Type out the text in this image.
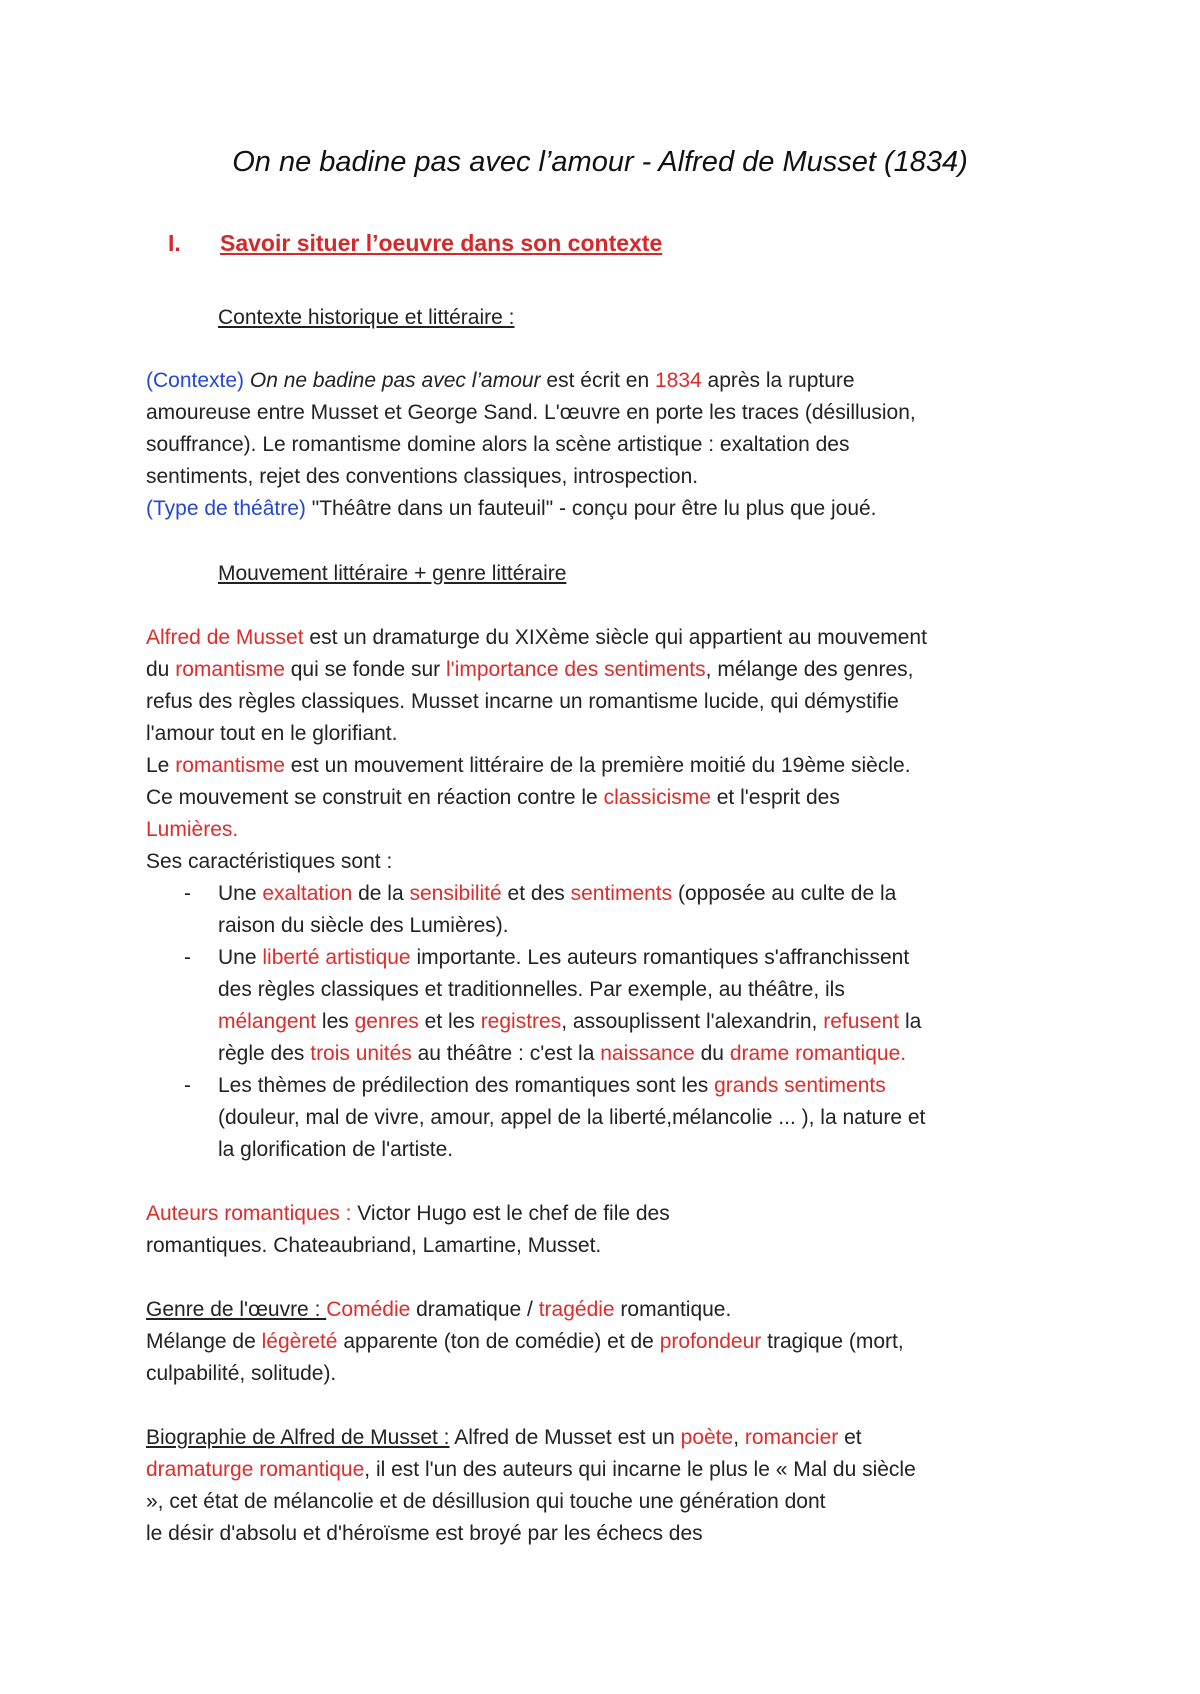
On ne badine pas avec l’amour - Alfred de Musset (1834)
I. Savoir situer l’oeuvre dans son contexte
Contexte historique et littéraire :
(Contexte) On ne badine pas avec l’amour est écrit en 1834 après la rupture
amoureuse entre Musset et George Sand. L'œuvre en porte les traces (désillusion,
souffrance). Le romantisme domine alors la scène artistique : exaltation des
sentiments, rejet des conventions classiques, introspection.
(Type de théâtre) "Théâtre dans un fauteuil" - conçu pour être lu plus que joué.
Mouvement littéraire + genre littéraire
Alfred de Musset est un dramaturge du XIXème siècle qui appartient au mouvement
du romantisme qui se fonde sur l'importance des sentiments, mélange des genres,
refus des règles classiques. Musset incarne un romantisme lucide, qui démystifie
l'amour tout en le glorifiant.
Le romantisme est un mouvement littéraire de la première moitié du 19ème siècle.
Ce mouvement se construit en réaction contre le classicisme et l'esprit des
Lumières.
Ses caractéristiques sont :
- Une exaltation de la sensibilité et des sentiments (opposée au culte de la
raison du siècle des Lumières).
- Une liberté artistique importante. Les auteurs romantiques s'affranchissent
des règles classiques et traditionnelles. Par exemple, au théâtre, ils
mélangent les genres et les registres, assouplissent l'alexandrin, refusent la
règle des trois unités au théâtre : c'est la naissance du drame romantique.
- Les thèmes de prédilection des romantiques sont les grands sentiments
(douleur, mal de vivre, amour, appel de la liberté,mélancolie ... ), la nature et
la glorification de l'artiste.
Auteurs romantiques : Victor Hugo est le chef de file des
romantiques. Chateaubriand, Lamartine, Musset.
Genre de l'œuvre : Comédie dramatique / tragédie romantique.
Mélange de légèreté apparente (ton de comédie) et de profondeur tragique (mort,
culpabilité, solitude).
Biographie de Alfred de Musset : Alfred de Musset est un poète, romancier et
dramaturge romantique, il est l'un des auteurs qui incarne le plus le « Mal du siècle
», cet état de mélancolie et de désillusion qui touche une génération dont
le désir d'absolu et d'héroïsme est broyé par les échecs des
